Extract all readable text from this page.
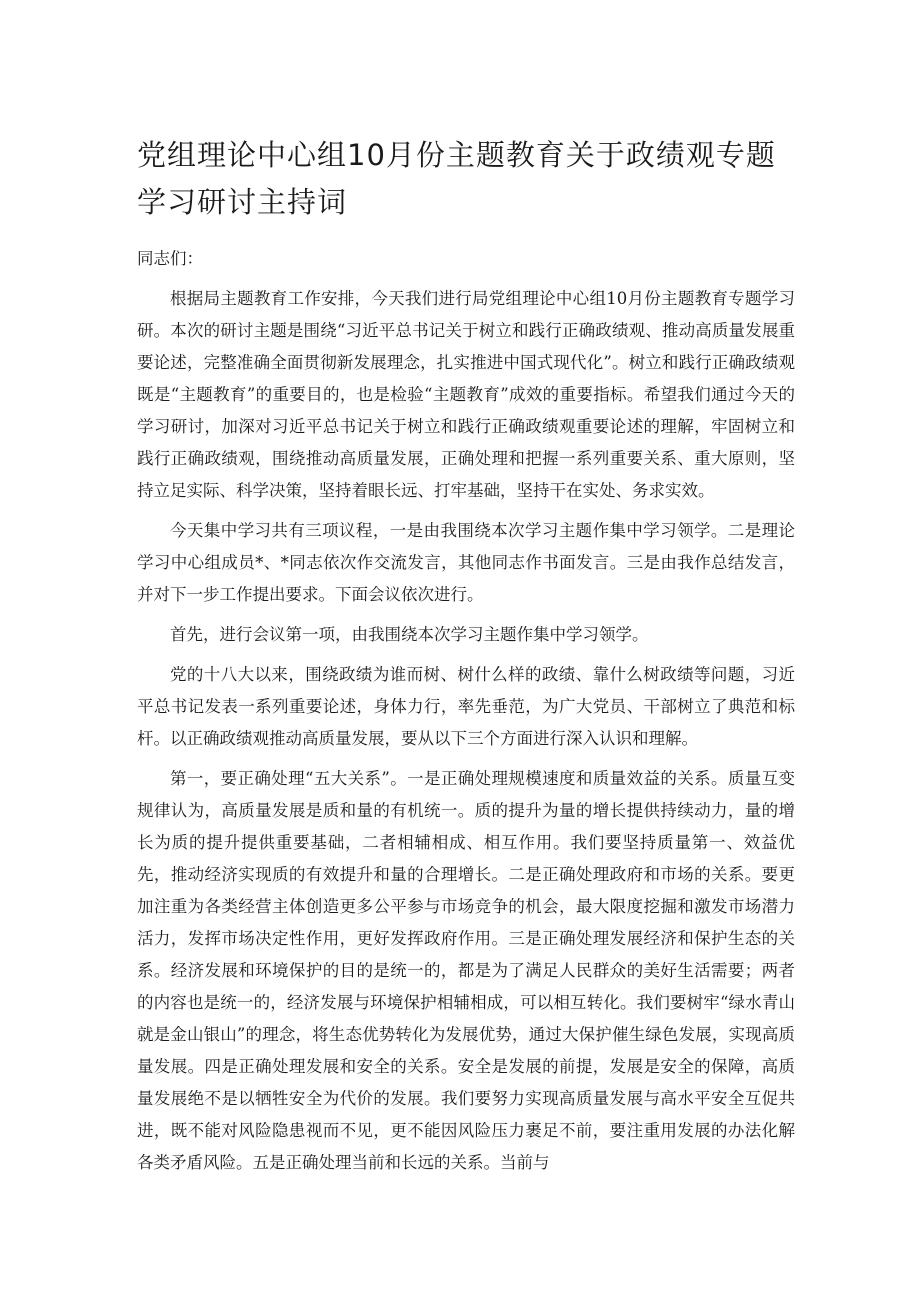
党组理论中心组10月份主题教育关于政绩观专题学习研讨主持词

同志们：

根据局主题教育工作安排，今天我们进行局党组理论中心组10月份主题教育专题学习研。本次的研讨主题是围绕“习近平总书记关于树立和践行正确政绩观、推动高质量发展重要论述，完整准确全面贯彻新发展理念，扎实推进中国式现代化”。树立和践行正确政绩观既是“主题教育”的重要目的，也是检验“主题教育”成效的重要指标。希望我们通过今天的学习研讨，加深对习近平总书记关于树立和践行正确政绩观重要论述的理解，牢固树立和践行正确政绩观，围绕推动高质量发展，正确处理和把握一系列重要关系、重大原则，坚持立足实际、科学决策，坚持着眼长远、打牢基础，坚持干在实处、务求实效。

今天集中学习共有三项议程，一是由我围绕本次学习主题作集中学习领学。二是理论学习中心组成员*、*同志依次作交流发言，其他同志作书面发言。三是由我作总结发言，并对下一步工作提出要求。下面会议依次进行。

首先，进行会议第一项，由我围绕本次学习主题作集中学习领学。

党的十八大以来，围绕政绩为谁而树、树什么样的政绩、靠什么树政绩等问题，习近平总书记发表一系列重要论述，身体力行，率先垂范，为广大党员、干部树立了典范和标杆。以正确政绩观推动高质量发展，要从以下三个方面进行深入认识和理解。

第一，要正确处理“五大关系”。一是正确处理规模速度和质量效益的关系。质量互变规律认为，高质量发展是质和量的有机统一。质的提升为量的增长提供持续动力，量的增长为质的提升提供重要基础，二者相辅相成、相互作用。我们要坚持质量第一、效益优先，推动经济实现质的有效提升和量的合理增长。二是正确处理政府和市场的关系。要更加注重为各类经营主体创造更多公平参与市场竞争的机会，最大限度挖掘和激发市场潜力活力，发挥市场决定性作用，更好发挥政府作用。三是正确处理发展经济和保护生态的关系。经济发展和环境保护的目的是统一的，都是为了满足人民群众的美好生活需要；两者的内容也是统一的，经济发展与环境保护相辅相成，可以相互转化。我们要树牢“绿水青山就是金山银山”的理念，将生态优势转化为发展优势，通过大保护催生绿色发展，实现高质量发展。四是正确处理发展和安全的关系。安全是发展的前提，发展是安全的保障，高质量发展绝不是以牺牲安全为代价的发展。我们要努力实现高质量发展与高水平安全互促共进，既不能对风险隐患视而不见，更不能因风险压力裹足不前，要注重用发展的办法化解各类矛盾风险。五是正确处理当前和长远的关系。当前与
